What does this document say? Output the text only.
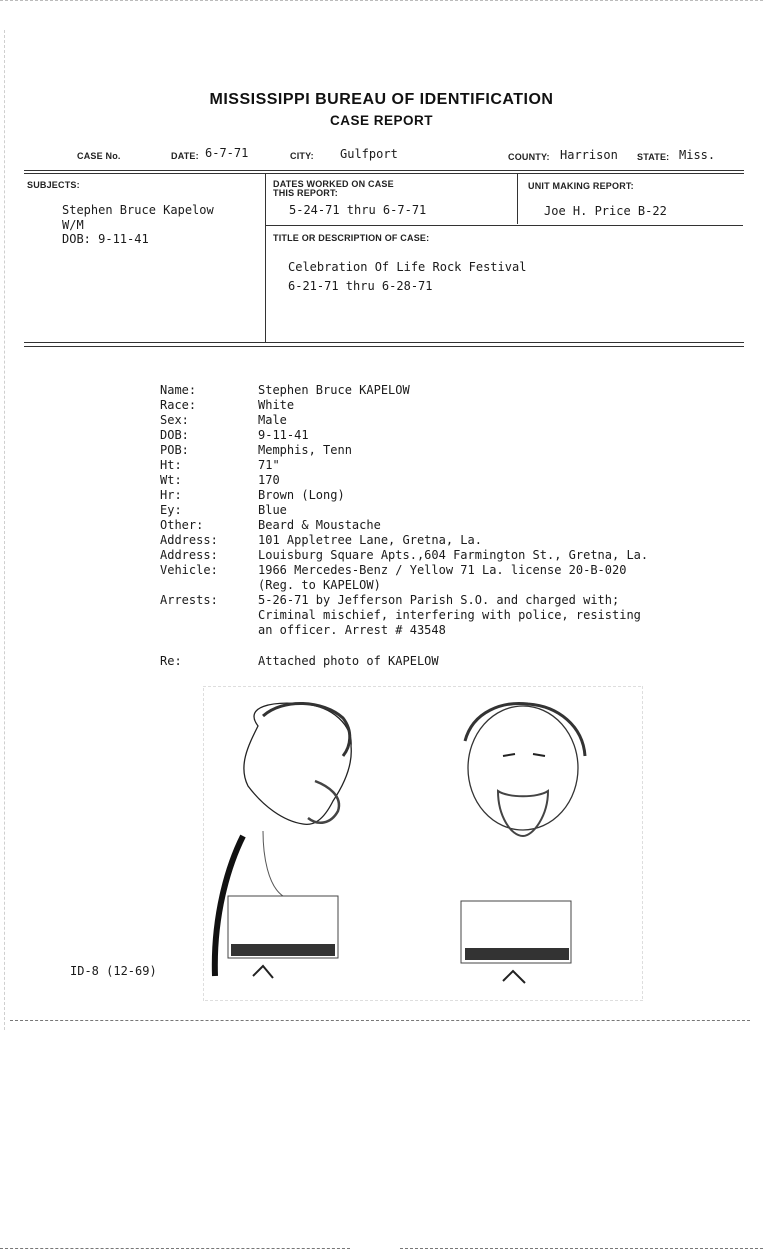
MISSISSIPPI BUREAU OF IDENTIFICATION
CASE REPORT
CASE No.	DATE: 6-7-71	CITY: Gulfport	COUNTY: Harrison STATE: Miss.
SUBJECTS:
Stephen Bruce Kapelow
W/M
DOB: 9-11-41
DATES WORKED ON CASE
THIS REPORT:
5-24-71 thru 6-7-71
UNIT MAKING REPORT:
Joe H. Price B-22
TITLE OR DESCRIPTION OF CASE:
Celebration Of Life Rock Festival
6-21-71 thru 6-28-71
Name:	Stephen Bruce KAPELOW
Race:	White
Sex:	Male
DOB:	9-11-41
POB:	Memphis, Tenn
Ht:	71"
Wt:	170
Hr:	Brown (Long)
Ey:	Blue
Other:	Beard & Moustache
Address:	101 Appletree Lane, Gretna, La.
Address:	Louisburg Square Apts.,604 Farmington St., Gretna, La.
Vehicle:	1966 Mercedes-Benz / Yellow 71 La. license 20-B-020
(Reg. to KAPELOW)
Arrests:	5-26-71 by Jefferson Parish S.O. and charged with;
Criminal mischief, interfering with police, resisting
an officer. Arrest # 43548
Re:	Attached photo of KAPELOW
ID-8 (12-69)
